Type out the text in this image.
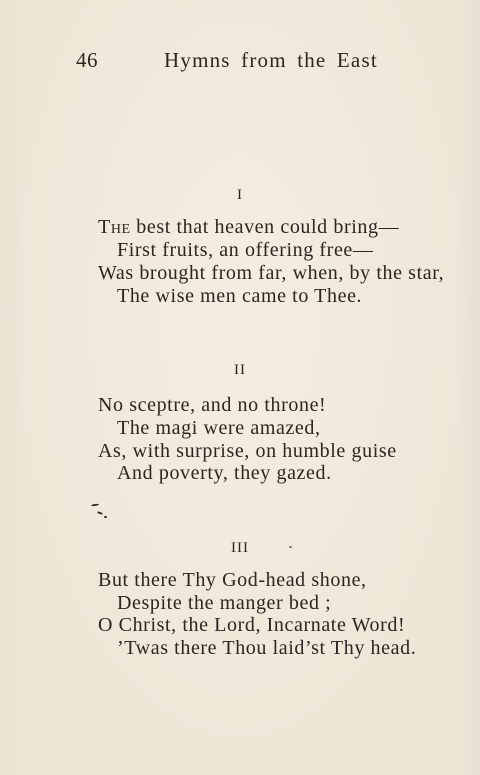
46	Hymns from the East
I
The best that heaven could bring—
First fruits, an offering free—
Was brought from far, when, by the star,
The wise men came to Thee.
II
No sceptre, and no throne!
The magi were amazed,
As, with surprise, on humble guise
And poverty, they gazed.
III
But there Thy God-head shone,
Despite the manger bed ;
O Christ, the Lord, Incarnate Word!
’Twas there Thou laid’st Thy head.
